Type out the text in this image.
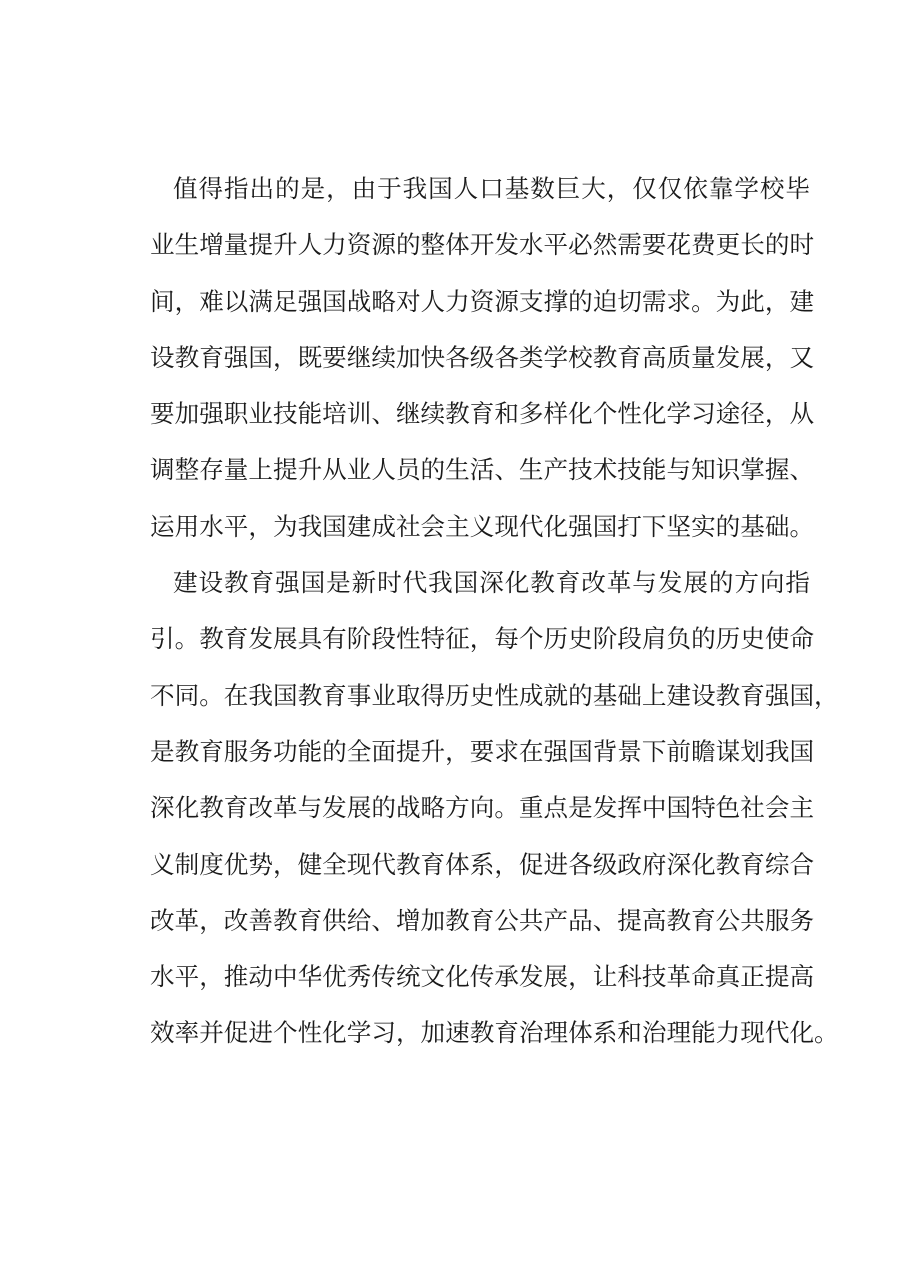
值得指出的是，由于我国人口基数巨大，仅仅依靠学校毕
业生增量提升人力资源的整体开发水平必然需要花费更长的时
间，难以满足强国战略对人力资源支撑的迫切需求。为此，建
设教育强国，既要继续加快各级各类学校教育高质量发展，又
要加强职业技能培训、继续教育和多样化个性化学习途径，从
调整存量上提升从业人员的生活、生产技术技能与知识掌握、
运用水平，为我国建成社会主义现代化强国打下坚实的基础。
建设教育强国是新时代我国深化教育改革与发展的方向指
引。教育发展具有阶段性特征，每个历史阶段肩负的历史使命
不同。在我国教育事业取得历史性成就的基础上建设教育强国，
是教育服务功能的全面提升，要求在强国背景下前瞻谋划我国
深化教育改革与发展的战略方向。重点是发挥中国特色社会主
义制度优势，健全现代教育体系，促进各级政府深化教育综合
改革，改善教育供给、增加教育公共产品、提高教育公共服务
水平，推动中华优秀传统文化传承发展，让科技革命真正提高
效率并促进个性化学习，加速教育治理体系和治理能力现代化。
